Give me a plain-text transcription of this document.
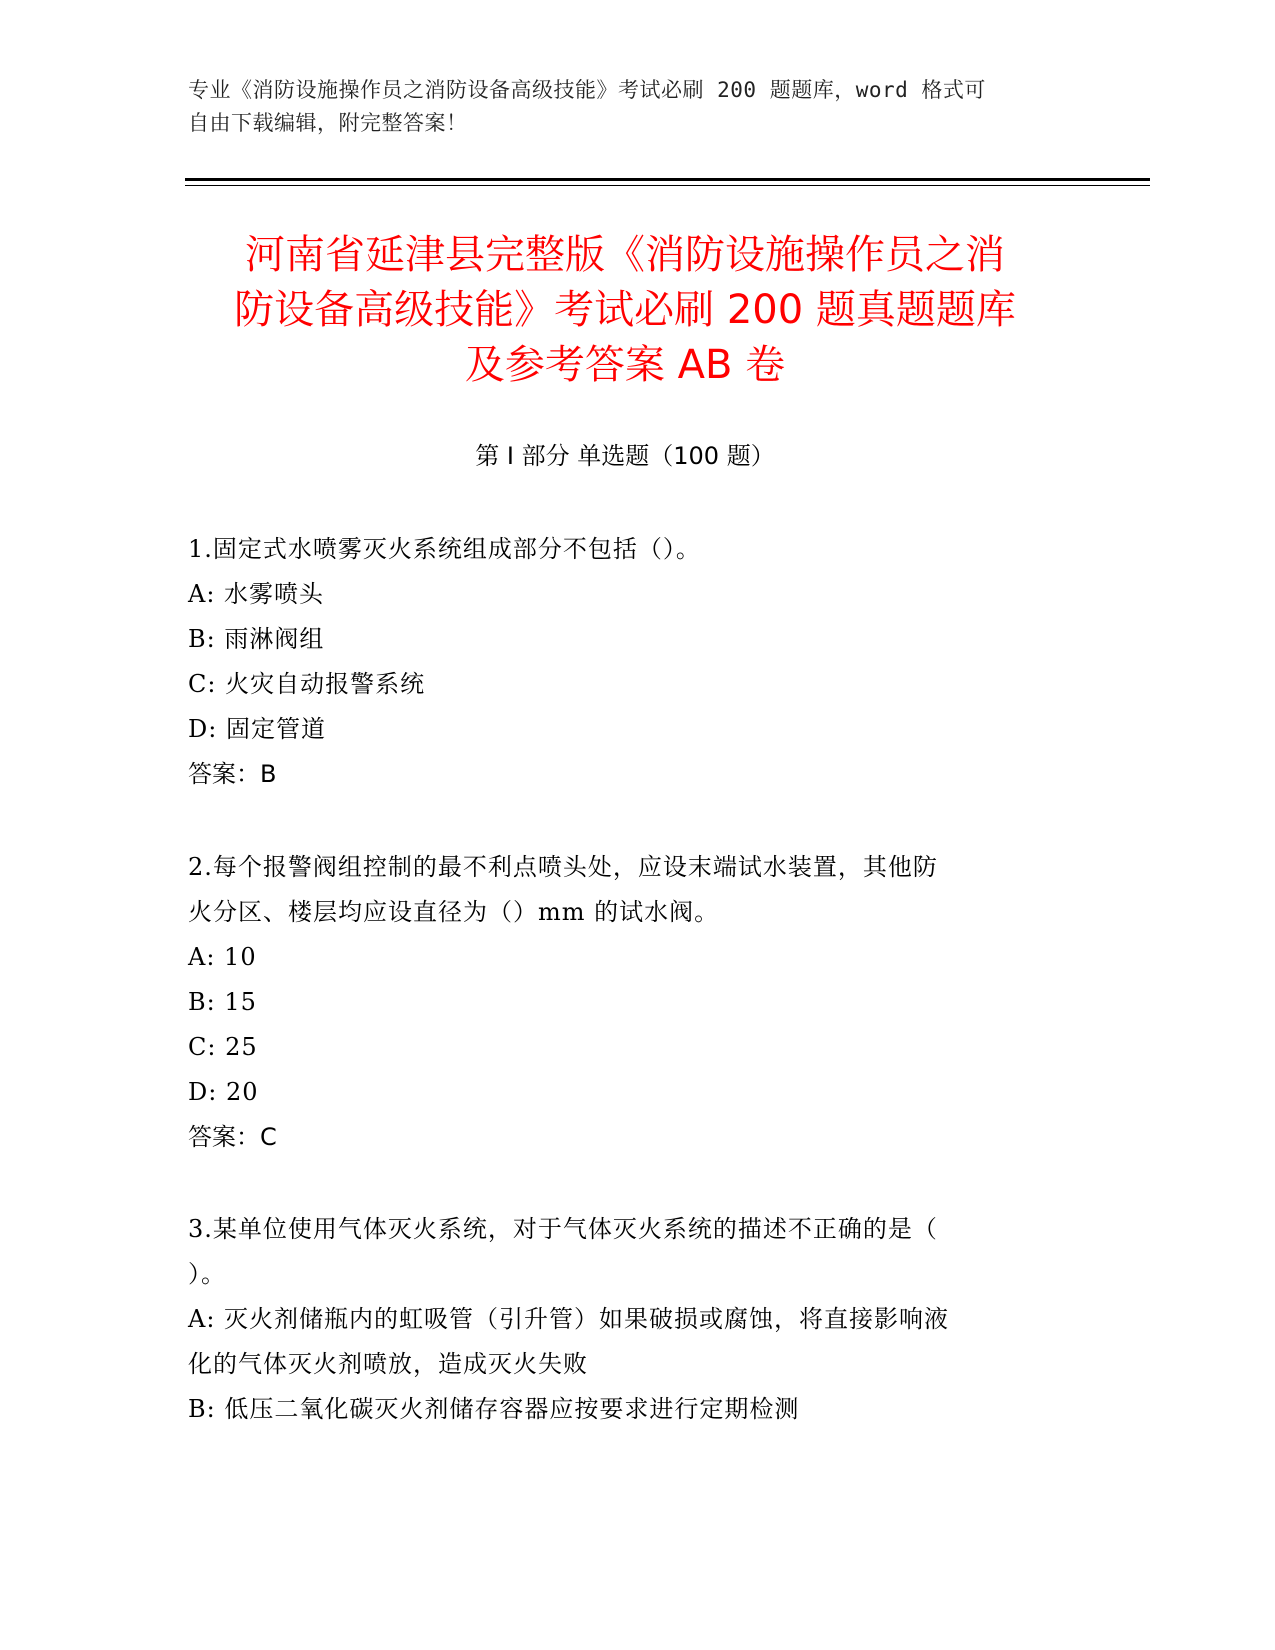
专业《消防设施操作员之消防设备高级技能》考试必刷 200 题题库，word 格式可
自由下载编辑，附完整答案！
河南省延津县完整版《消防设施操作员之消
防设备高级技能》考试必刷 200 题真题题库
及参考答案 AB 卷
第 I 部分 单选题（100 题）

1.固定式水喷雾灭火系统组成部分不包括（）。

A: 水雾喷头

B: 雨淋阀组

C: 火灾自动报警系统

D: 固定管道

答案：B

2.每个报警阀组控制的最不利点喷头处，应设末端试水装置，其他防

火分区、楼层均应设直径为（）mm 的试水阀。

A: 10

B: 15

C: 25

D: 20

答案：C

3.某单位使用气体灭火系统，对于气体灭火系统的描述不正确的是（

）。

A: 灭火剂储瓶内的虹吸管（引升管）如果破损或腐蚀，将直接影响液

化的气体灭火剂喷放，造成灭火失败

B: 低压二氧化碳灭火剂储存容器应按要求进行定期检测
